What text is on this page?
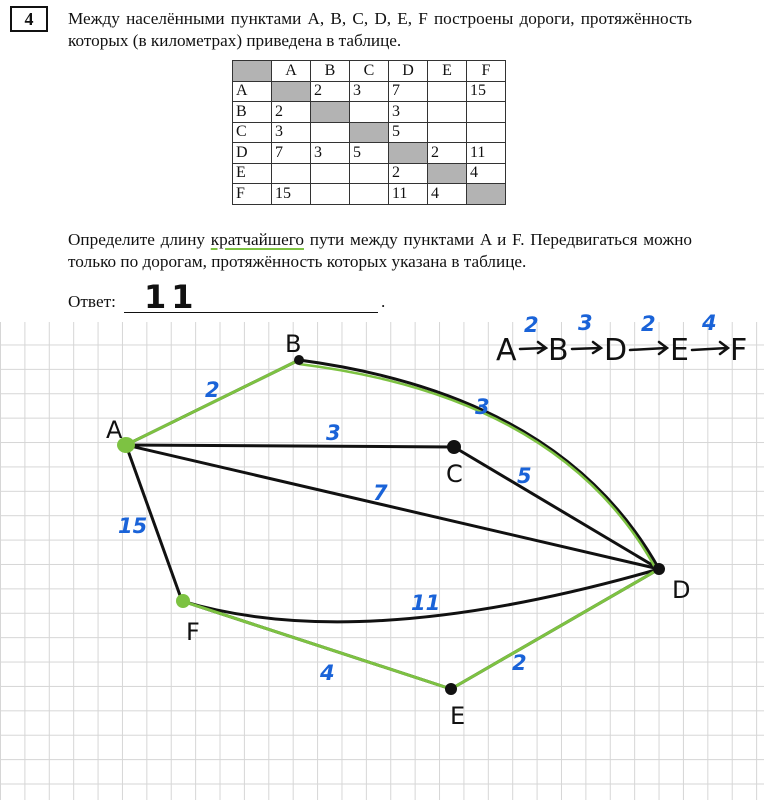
4	Между населёнными пунктами A, B, C, D, E, F построены дороги, протяжённость которых (в километрах) приведена в таблице.
	A	B	C	D	E	F
A		2	3	7		15
B	2			3		
C	3			5		
D	7	3	5		2	11
E				2		4
F	15			11	4	
Определите длину кратчайшего пути между пунктами A и F. Передвигаться можно только по дорогам, протяжённость которых указана в таблице.
Ответ: 11	.
A
B
C
D
E
F
2
3
7
15
3
5
2
11
4
A B D E F
2 3 2 4
